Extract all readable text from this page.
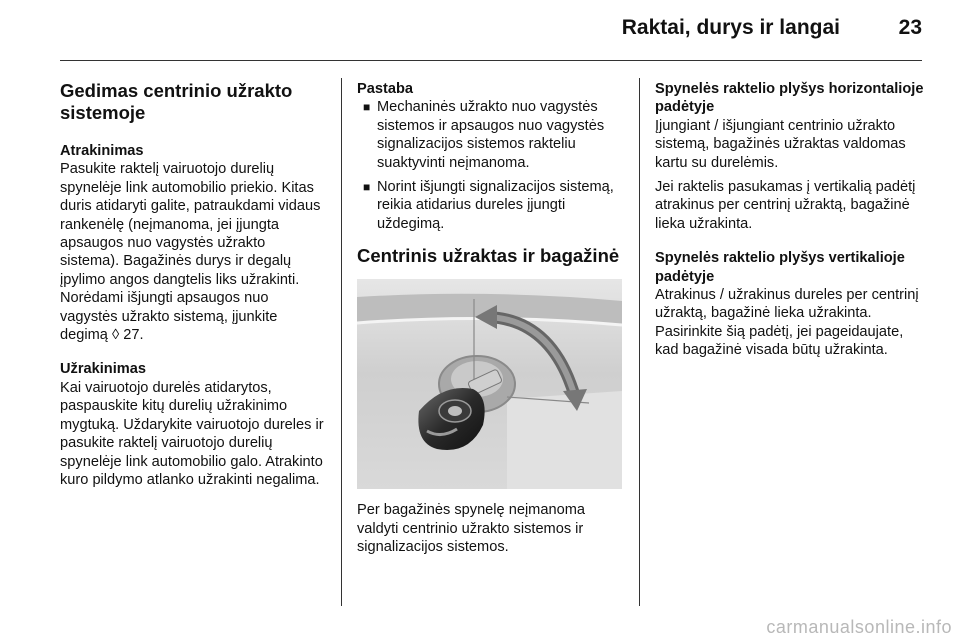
Raktai, durys ir langai	23

Gedimas centrinio užrakto sistemoje

Atrakinimas

Pasukite raktelį vairuotojo durelių spynelėje link automobilio priekio. Kitas duris atidaryti galite, patraukdami vidaus rankenėlę (neįmanoma, jei įjungta apsaugos nuo vagystės užrakto sistema). Bagažinės durys ir degalų įpylimo angos dangtelis liks užrakinti. Norėdami išjungti apsaugos nuo vagystės užrakto sistemą, įjunkite degimą ◊ 27.

Užrakinimas

Kai vairuotojo durelės atidarytos, paspauskite kitų durelių užrakinimo mygtuką. Uždarykite vairuotojo dureles ir pasukite raktelį vairuotojo durelių spynelėje link automobilio galo. Atrakinto kuro pildymo atlanko užrakinti negalima.

Pastaba

■ Mechaninės užrakto nuo vagystės sistemos ir apsaugos nuo vagystės signalizacijos sistemos rakteliu suaktyvinti neįmanoma.

■ Norint išjungti signalizacijos sistemą, reikia atidarius dureles įjungti uždegimą.

Centrinis užraktas ir bagažinė

Per bagažinės spynelę neįmanoma valdyti centrinio užrakto sistemos ir signalizacijos sistemos.

Spynelės raktelio plyšys horizontalioje padėtyje

Įjungiant / išjungiant centrinio užrakto sistemą, bagažinės užraktas valdomas kartu su durelėmis.

Jei raktelis pasukamas į vertikalią padėtį atrakinus per centrinį užraktą, bagažinė lieka užrakinta.

Spynelės raktelio plyšys vertikalioje padėtyje

Atrakinus / užrakinus dureles per centrinį užraktą, bagažinė lieka užrakinta. Pasirinkite šią padėtį, jei pageidaujate, kad bagažinė visada būtų užrakinta.

carmanualsonline.info
